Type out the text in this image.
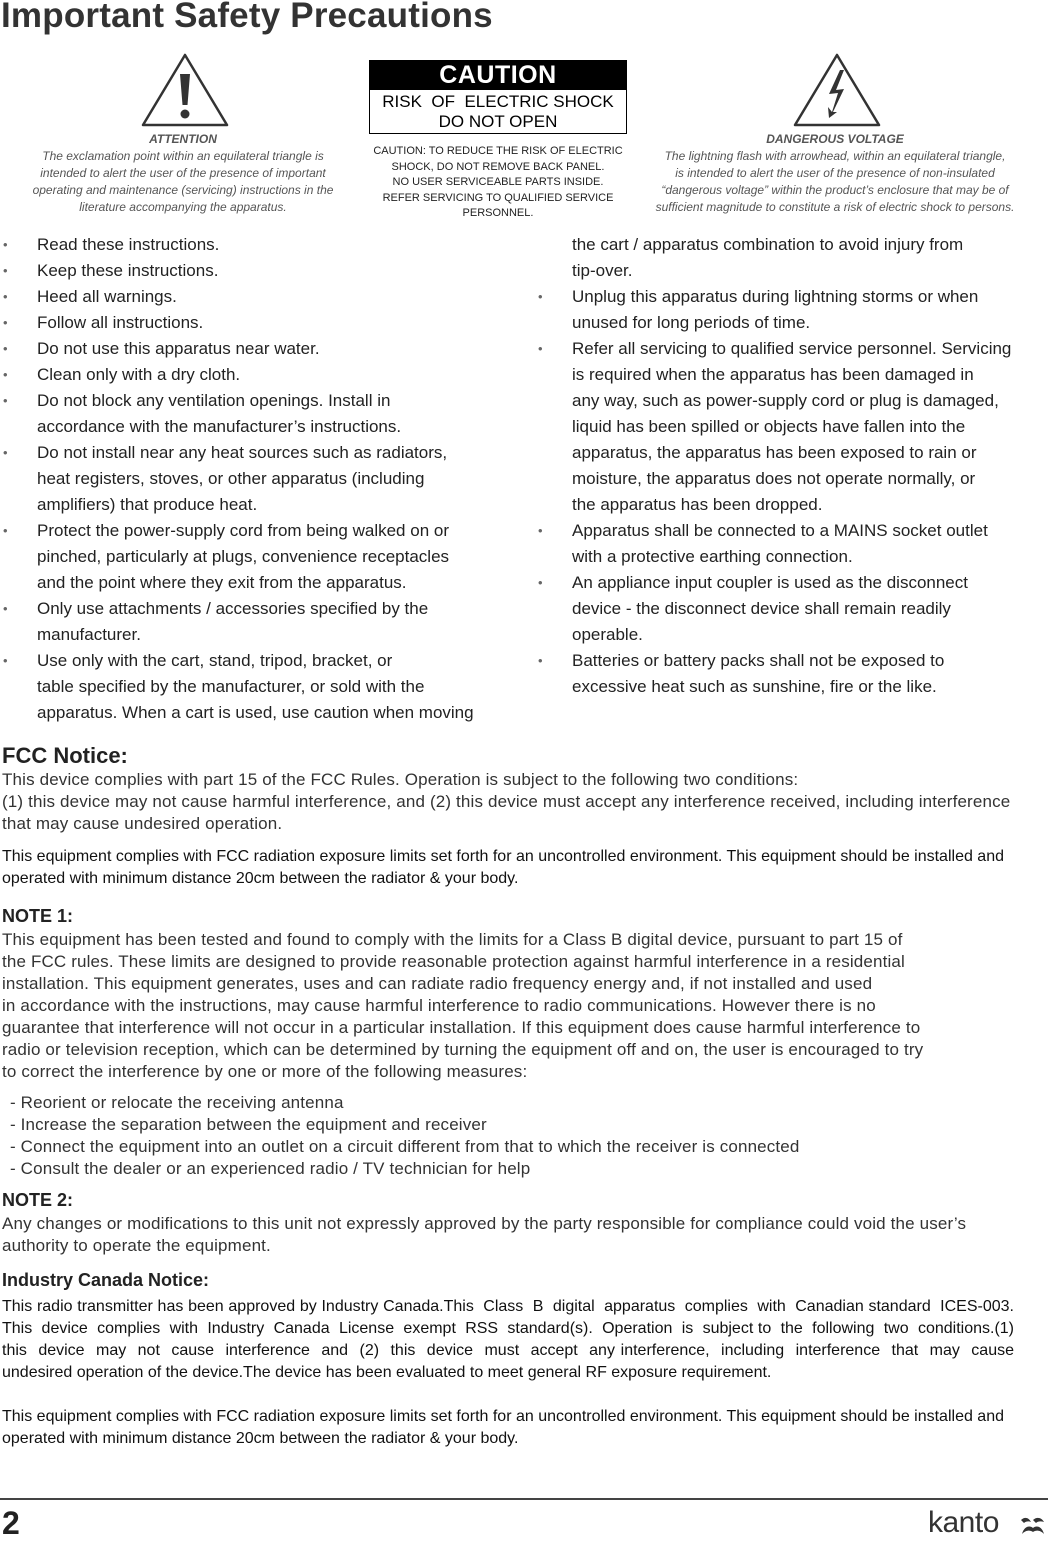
Important Safety Precautions
ATTENTION
The exclamation point within an equilateral triangle is
intended to alert the user of the presence of important
operating and maintenance (servicing) instructions in the
literature accompanying the apparatus.
CAUTION
RISK  OF  ELECTRIC SHOCK
DO NOT OPEN
CAUTION: TO REDUCE THE RISK OF ELECTRIC
SHOCK, DO NOT REMOVE BACK PANEL.
NO USER SERVICEABLE PARTS INSIDE.
REFER SERVICING TO QUALIFIED SERVICE
PERSONNEL.
DANGEROUS VOLTAGE
The lightning flash with arrowhead, within an equilateral triangle,
is intended to alert the user of the presence of non-insulated
“dangerous voltage” within the product’s enclosure that may be of
sufficient magnitude to constitute a risk of electric shock to persons.
• Read these instructions.
• Keep these instructions.
• Heed all warnings.
• Follow all instructions.
• Do not use this apparatus near water.
• Clean only with a dry cloth.
• Do not block any ventilation openings. Install in
accordance with the manufacturer’s instructions.
• Do not install near any heat sources such as radiators,
heat registers, stoves, or other apparatus (including
amplifiers) that produce heat.
• Protect the power-supply cord from being walked on or
pinched, particularly at plugs, convenience receptacles
and the point where they exit from the apparatus.
• Only use attachments / accessories specified by the
manufacturer.
• Use only with the cart, stand, tripod, bracket, or
table specified by the manufacturer, or sold with the
apparatus. When a cart is used, use caution when moving
the cart / apparatus combination to avoid injury from
tip-over.
• Unplug this apparatus during lightning storms or when
unused for long periods of time.
• Refer all servicing to qualified service personnel. Servicing
is required when the apparatus has been damaged in
any way, such as power-supply cord or plug is damaged,
liquid has been spilled or objects have fallen into the
apparatus, the apparatus has been exposed to rain or
moisture, the apparatus does not operate normally, or
the apparatus has been dropped.
• Apparatus shall be connected to a MAINS socket outlet
with a protective earthing connection.
• An appliance input coupler is used as the disconnect
device - the disconnect device shall remain readily
operable.
• Batteries or battery packs shall not be exposed to
excessive heat such as sunshine, fire or the like.
FCC Notice:
This device complies with part 15 of the FCC Rules. Operation is subject to the following two conditions:
(1) this device may not cause harmful interference, and (2) this device must accept any interference received, including interference that may cause undesired operation.
This equipment complies with FCC radiation exposure limits set forth for an uncontrolled environment. This equipment should be installed and operated with minimum distance 20cm between the radiator & your body.
NOTE 1:
This equipment has been tested and found to comply with the limits for a Class B digital device, pursuant to part 15 of
the FCC rules. These limits are designed to provide reasonable protection against harmful interference in a residential
installation. This equipment generates, uses and can radiate radio frequency energy and, if not installed and used
in accordance with the instructions, may cause harmful interference to radio communications. However there is no
guarantee that interference will not occur in a particular installation. If this equipment does cause harmful interference to
radio or television reception, which can be determined by turning the equipment off and on, the user is encouraged to try
to correct the interference by one or more of the following measures:
- Reorient or relocate the receiving antenna
- Increase the separation between the equipment and receiver
- Connect the equipment into an outlet on a circuit different from that to which the receiver is connected
- Consult the dealer or an experienced radio / TV technician for help
NOTE 2:
Any changes or modifications to this unit not expressly approved by the party responsible for compliance could void the user’s authority to operate the equipment.
Industry Canada Notice:
This radio transmitter has been approved by Industry Canada.This  Class  B  digital  apparatus  complies  with  Canadian standard  ICES-003.  This  device  complies  with  Industry  Canada  License  exempt  RSS  standard(s).  Operation  is  subject to  the  following  two  conditions.(1)  this  device  may  not  cause  interference  and  (2)  this  device  must  accept  any interference,  including  interference  that  may  cause undesired operation of the device.The device has been evaluated to meet general RF exposure requirement.
This equipment complies with FCC radiation exposure limits set forth for an uncontrolled environment. This equipment should be installed and operated with minimum distance 20cm between the radiator & your body.
2	kanto
